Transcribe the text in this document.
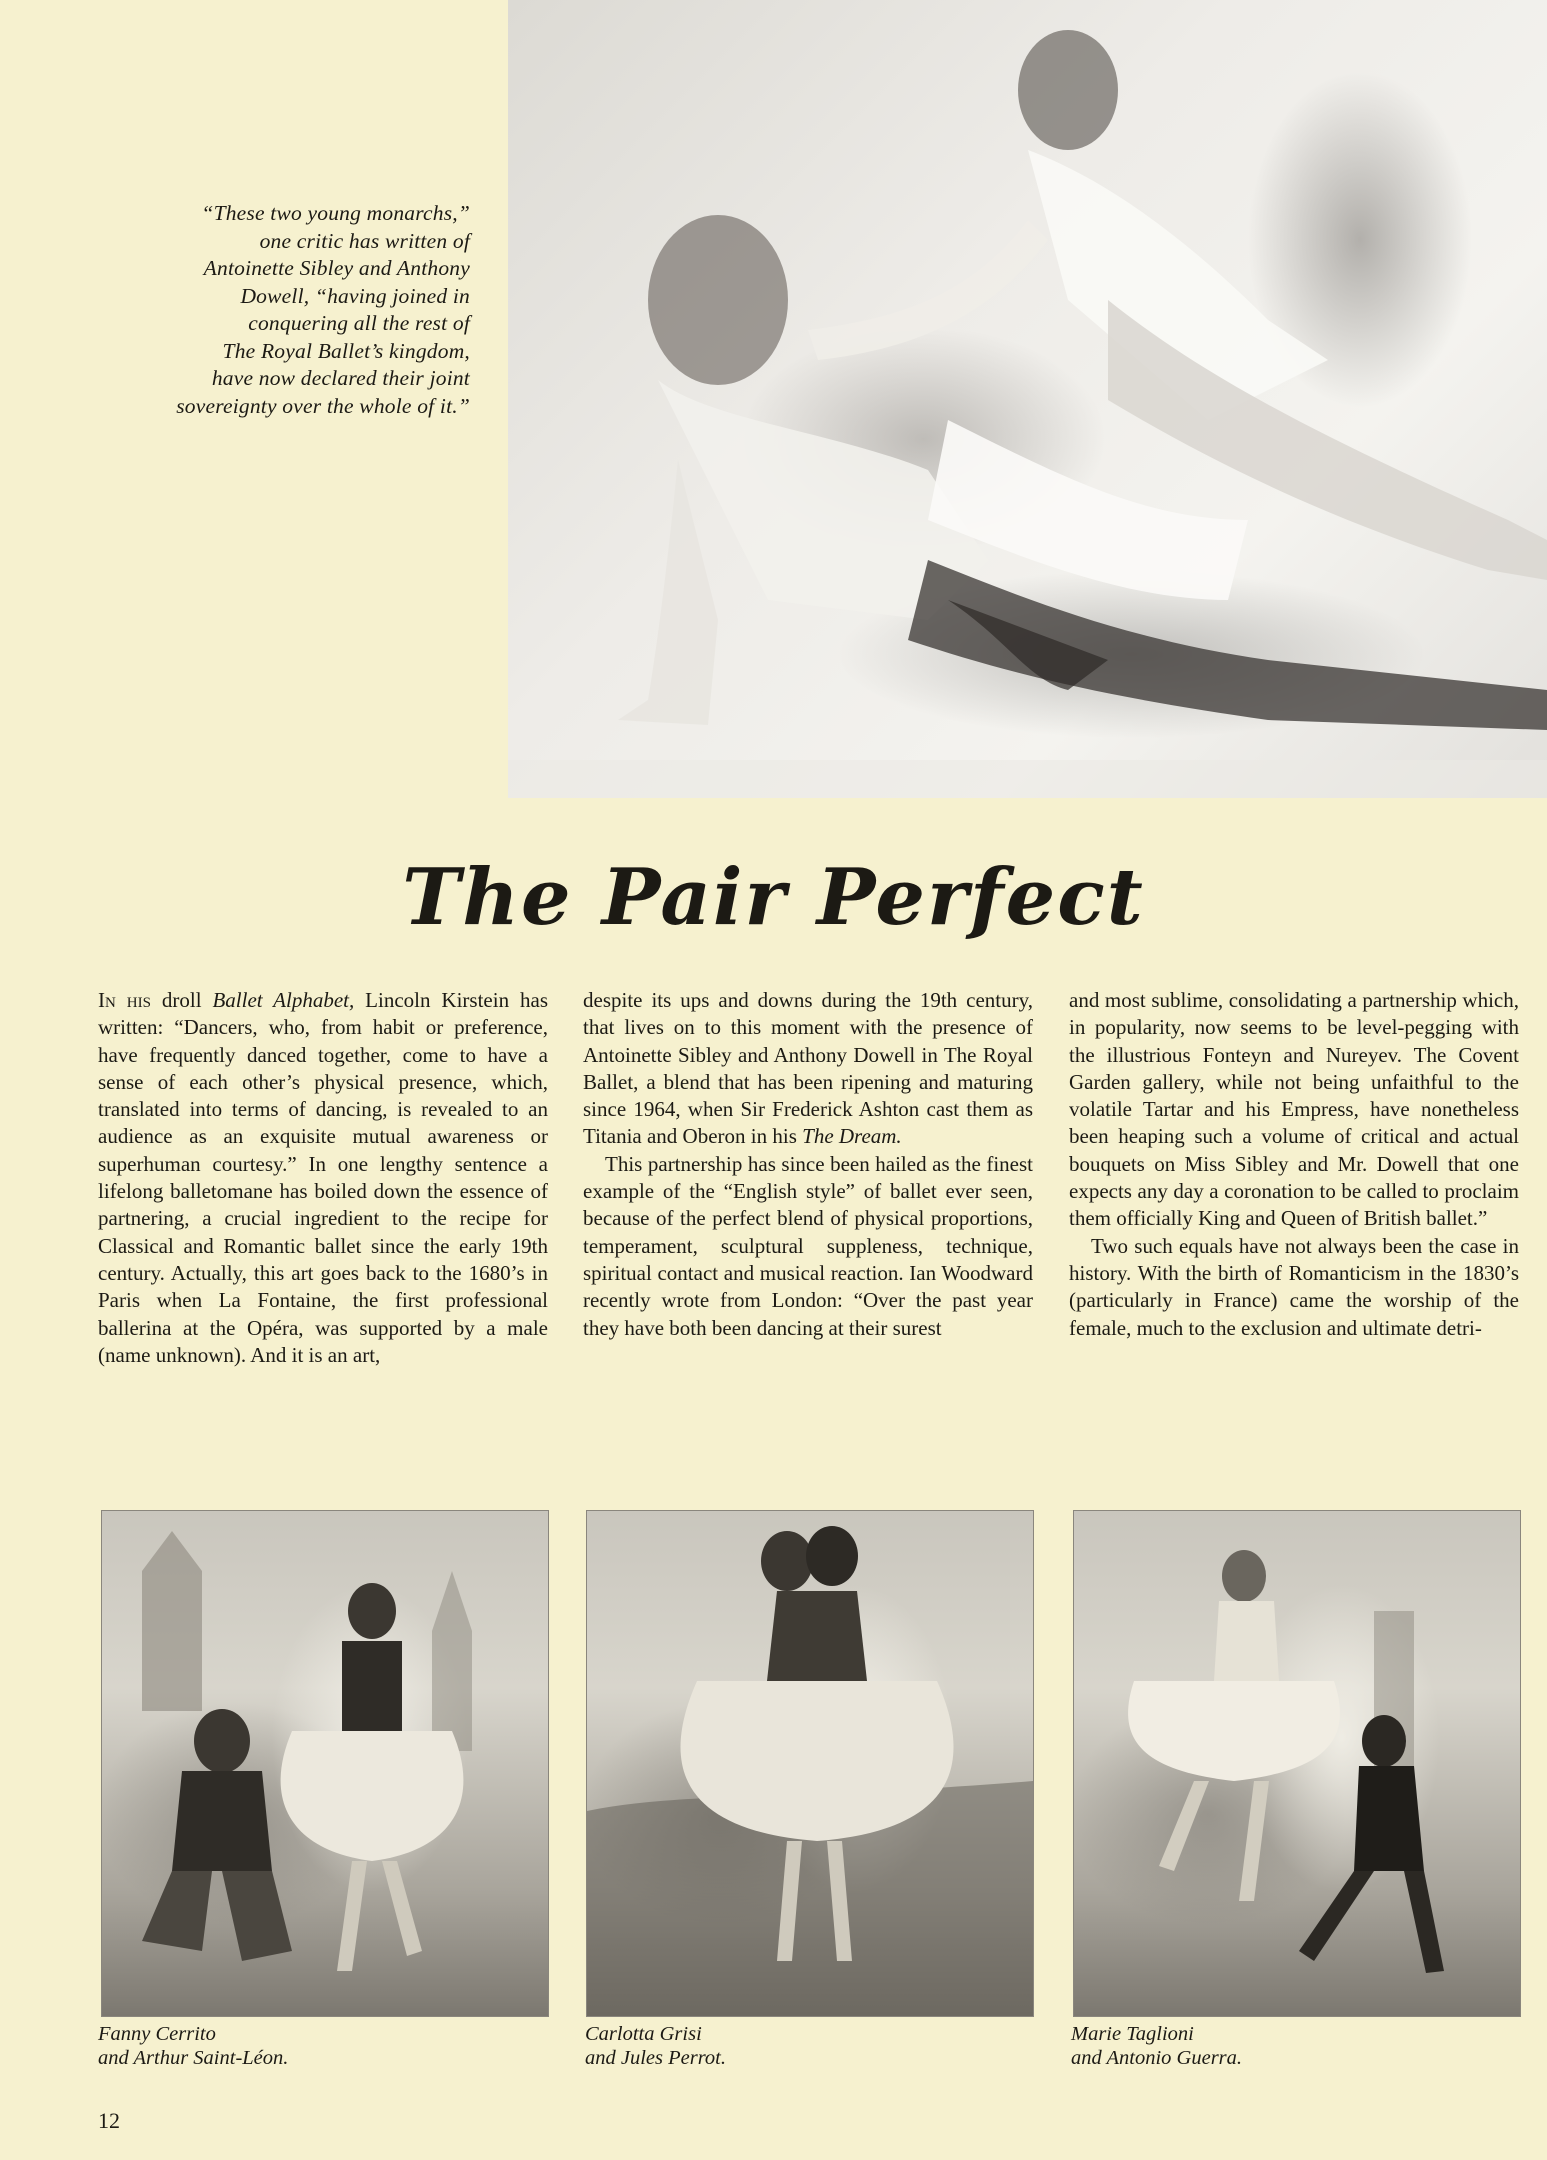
“These two young monarchs,”
one critic has written of
Antoinette Sibley and Anthony
Dowell, “having joined in
conquering all the rest of
The Royal Ballet’s kingdom,
have now declared their joint
sovereignty over the whole of it.”
The Pair Perfect

In his droll Ballet Alphabet, Lincoln Kirstein has written: “Dancers, who, from habit or preference, have frequently danced together, come to have a sense of each other’s physical presence, which, translated into terms of dancing, is revealed to an audience as an exquisite mutual awareness or superhuman courtesy.” In one lengthy sentence a lifelong balletomane has boiled down the essence of partnering, a crucial ingredient to the recipe for Classical and Romantic ballet since the early 19th century. Actually, this art goes back to the 1680’s in Paris when La Fontaine, the first professional ballerina at the Opéra, was supported by a male (name unknown). And it is an art,

despite its ups and downs during the 19th century, that lives on to this moment with the presence of Antoinette Sibley and Anthony Dowell in The Royal Ballet, a blend that has been ripening and maturing since 1964, when Sir Frederick Ashton cast them as Titania and Oberon in his The Dream.

This partnership has since been hailed as the finest example of the “English style” of ballet ever seen, because of the perfect blend of physical proportions, temperament, sculptural suppleness, technique, spiritual contact and musical reaction. Ian Woodward recently wrote from London: “Over the past year they have both been dancing at their surest

and most sublime, consolidating a partnership which, in popularity, now seems to be level-pegging with the illustrious Fonteyn and Nureyev. The Covent Garden gallery, while not being unfaithful to the volatile Tartar and his Empress, have nonetheless been heaping such a volume of critical and actual bouquets on Miss Sibley and Mr. Dowell that one expects any day a coronation to be called to proclaim them officially King and Queen of British ballet.”

Two such equals have not always been the case in history. With the birth of Romanticism in the 1830’s (particularly in France) came the worship of the female, much to the exclusion and ultimate detri-

Fanny Cerrito
and Arthur Saint-Léon.
Carlotta Grisi
and Jules Perrot.
Marie Taglioni
and Antonio Guerra.
12
